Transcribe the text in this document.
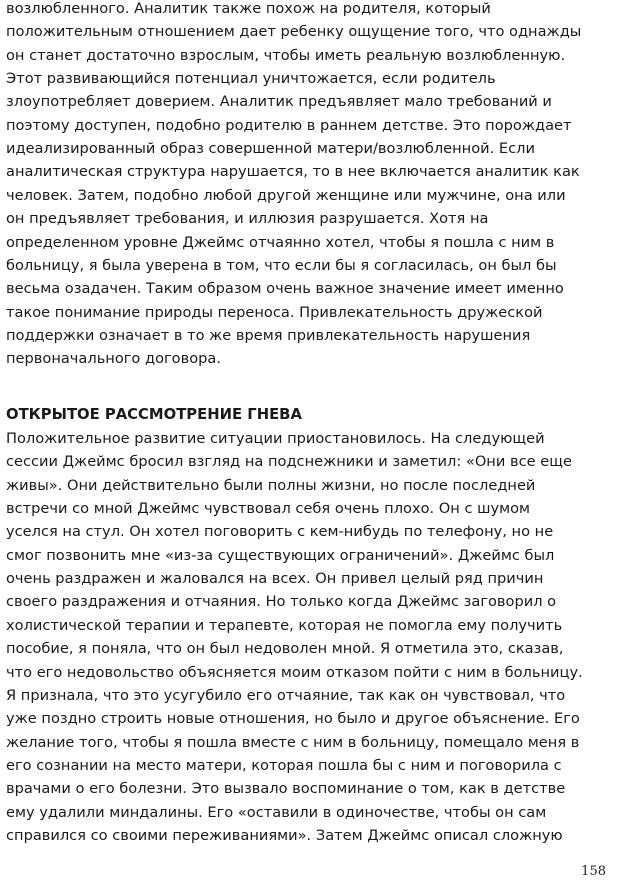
возлюбленного. Аналитик также похож на родителя, который
положительным отношением дает ребенку ощущение того, что однажды
он станет достаточно взрослым, чтобы иметь реальную возлюбленную.
Этот развивающийся потенциал уничтожается, если родитель
злоупотребляет доверием. Аналитик предъявляет мало требований и
поэтому доступен, подобно родителю в раннем детстве. Это порождает
идеализированный образ совершенной матери/возлюбленной. Если
аналитическая структура нарушается, то в нее включается аналитик как
человек. Затем, подобно любой другой женщине или мужчине, она или
он предъявляет требования, и иллюзия разрушается. Хотя на
определенном уровне Джеймс отчаянно хотел, чтобы я пошла с ним в
больницу, я была уверена в том, что если бы я согласилась, он был бы
весьма озадачен. Таким образом очень важное значение имеет именно
такое понимание природы переноса. Привлекательность дружеской
поддержки означает в то же время привлекательность нарушения
первоначального договора.
ОТКРЫТОЕ РАССМОТРЕНИЕ ГНЕВА
Положительное развитие ситуации приостановилось. На следующей
сессии Джеймс бросил взгляд на подснежники и заметил: «Они все еще
живы». Они действительно были полны жизни, но после последней
встречи со мной Джеймс чувствовал себя очень плохо. Он с шумом
уселся на стул. Он хотел поговорить с кем-нибудь по телефону, но не
смог позвонить мне «из-за существующих ограничений». Джеймс был
очень раздражен и жаловался на всех. Он привел целый ряд причин
своего раздражения и отчаяния. Но только когда Джеймс заговорил о
холистической терапии и терапевте, которая не помогла ему получить
пособие, я поняла, что он был недоволен мной. Я отметила это, сказав,
что его недовольство объясняется моим отказом пойти с ним в больницу.
Я признала, что это усугубило его отчаяние, так как он чувствовал, что
уже поздно строить новые отношения, но было и другое объяснение. Его
желание того, чтобы я пошла вместе с ним в больницу, помещало меня в
его сознании на место матери, которая пошла бы с ним и поговорила с
врачами о его болезни. Это вызвало воспоминание о том, как в детстве
ему удалили миндалины. Его «оставили в одиночестве, чтобы он сам
справился со своими переживаниями». Затем Джеймс описал сложную
158
